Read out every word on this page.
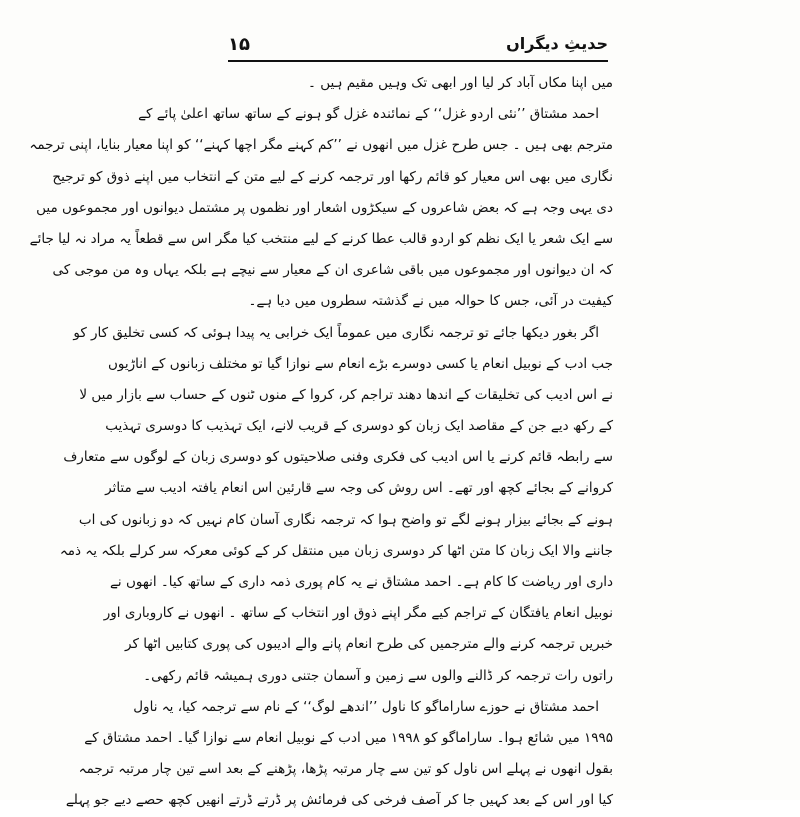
۱۵	حدیثِ دیگراں
میں اپنا مکاں آباد کر لیا اور ابھی تک وہیں مقیم ہیں ۔
احمد مشتاق ’’نئی اردو غزل‘‘ کے نمائندہ غزل گو ہونے کے ساتھ ساتھ اعلیٰ پائے کے
مترجم بھی ہیں ۔ جس طرح غزل میں انھوں نے ’’کم کہنے مگر اچھا کہنے‘‘ کو اپنا معیار بنایا، اپنی ترجمہ
نگاری میں بھی اس معیار کو قائم رکھا اور ترجمہ کرنے کے لیے متن کے انتخاب میں اپنے ذوق کو ترجیح
دی یہی وجہ ہے کہ بعض شاعروں کے سیکڑوں اشعار اور نظموں پر مشتمل دیوانوں اور مجموعوں میں
سے ایک شعر یا ایک نظم کو اردو قالب عطا کرنے کے لیے منتخب کیا مگر اس سے قطعاً یہ مراد نہ لیا جائے
کہ ان دیوانوں اور مجموعوں میں باقی شاعری ان کے معیار سے نیچے ہے بلکہ یہاں وہ من موجی کی
کیفیت در آئی، جس کا حوالہ میں نے گذشتہ سطروں میں دیا ہے۔
اگر بغور دیکھا جائے تو ترجمہ نگاری میں عموماً ایک خرابی یہ پیدا ہوئی کہ کسی تخلیق کار کو
جب ادب کے نوبیل انعام یا کسی دوسرے بڑے انعام سے نوازا گیا تو مختلف زبانوں کے اناڑیوں
نے اس ادیب کی تخلیقات کے اندھا دھند تراجم کر، کروا کے منوں ٹنوں کے حساب سے بازار میں لا
کے رکھ دیے جن کے مقاصد ایک زبان کو دوسری کے قریب لانے، ایک تہذیب کا دوسری تہذیب
سے رابطہ قائم کرنے یا اس ادیب کی فکری وفنی صلاحیتوں کو دوسری زبان کے لوگوں سے متعارف
کروانے کے بجائے کچھ اور تھے۔ اس روش کی وجہ سے قارئین اس انعام یافتہ ادیب سے متاثر
ہونے کے بجائے بیزار ہونے لگے تو واضح ہوا کہ ترجمہ نگاری آسان کام نہیں کہ دو زبانوں کی اب
جاننے والا ایک زبان کا متن اٹھا کر دوسری زبان میں منتقل کر کے کوئی معرکہ سر کرلے بلکہ یہ ذمہ
داری اور ریاضت کا کام ہے۔ احمد مشتاق نے یہ کام پوری ذمہ داری کے ساتھ کیا۔ انھوں نے
نوبیل انعام یافتگان کے تراجم کیے مگر اپنے ذوق اور انتخاب کے ساتھ ۔ انھوں نے کاروباری اور
خبریں ترجمہ کرنے والے مترجمیں کی طرح انعام پانے والے ادیبوں کی پوری کتابیں اٹھا کر
راتوں رات ترجمہ کر ڈالنے والوں سے زمین و آسمان جتنی دوری ہمیشہ قائم رکھی۔
احمد مشتاق نے حوزے ساراماگو کا ناول ’’اندھے لوگ‘‘ کے نام سے ترجمہ کیا، یہ ناول
۱۹۹۵ میں شائع ہوا۔ ساراماگو کو ۱۹۹۸ میں ادب کے نوبیل انعام سے نوازا گیا۔ احمد مشتاق کے
بقول انھوں نے پہلے اس ناول کو تین سے چار مرتبہ پڑھا، پڑھنے کے بعد اسے تین چار مرتبہ ترجمہ
کیا اور اس کے بعد کہیں جا کر آصف فرخی کی فرمائش پر ڈرتے ڈرتے انھیں کچھ حصے دیے جو پہلے
